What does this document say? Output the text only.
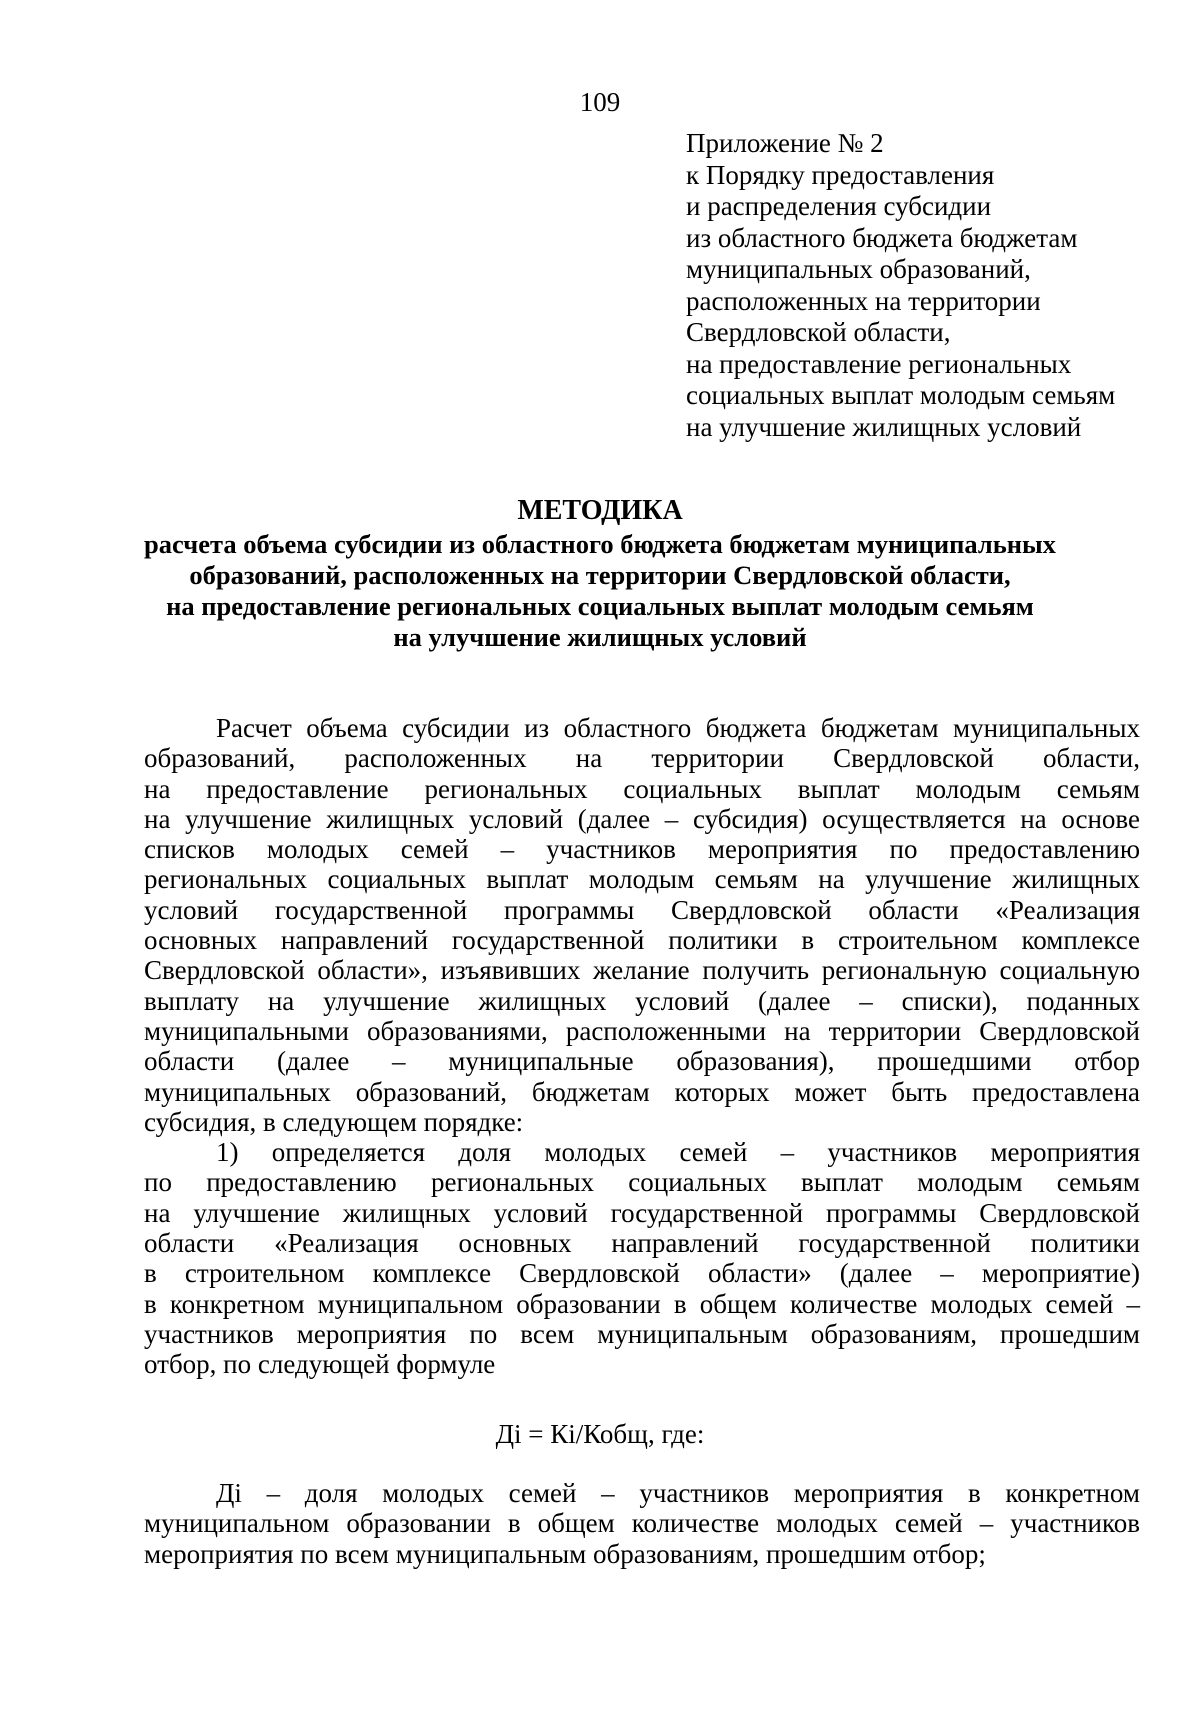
109
Приложение № 2
к Порядку предоставления
и распределения субсидии
из областного бюджета бюджетам
муниципальных образований,
расположенных на территории
Свердловской области,
на предоставление региональных
социальных выплат молодым семьям
на улучшение жилищных условий
МЕТОДИКА
расчета объема субсидии из областного бюджета бюджетам муниципальных
образований, расположенных на территории Свердловской области,
на предоставление региональных социальных выплат молодым семьям
на улучшение жилищных условий
Расчет объема субсидии из областного бюджета бюджетам муниципальных
образований, расположенных на территории Свердловской области,
на предоставление региональных социальных выплат молодым семьям
на улучшение жилищных условий (далее – субсидия) осуществляется на основе
списков молодых семей – участников мероприятия по предоставлению
региональных социальных выплат молодым семьям на улучшение жилищных
условий государственной программы Свердловской области «Реализация
основных направлений государственной политики в строительном комплексе
Свердловской области», изъявивших желание получить региональную социальную
выплату на улучшение жилищных условий (далее – списки), поданных
муниципальными образованиями, расположенными на территории Свердловской
области (далее – муниципальные образования), прошедшими отбор
муниципальных образований, бюджетам которых может быть предоставлена
субсидия, в следующем порядке:
1) определяется доля молодых семей – участников мероприятия
по предоставлению региональных социальных выплат молодым семьям
на улучшение жилищных условий государственной программы Свердловской
области «Реализация основных направлений государственной политики
в строительном комплексе Свердловской области» (далее – мероприятие)
в конкретном муниципальном образовании в общем количестве молодых семей –
участников мероприятия по всем муниципальным образованиям, прошедшим
отбор, по следующей формуле
Дi = Кi/Кобщ, где:
Дi – доля молодых семей – участников мероприятия в конкретном
муниципальном образовании в общем количестве молодых семей – участников
мероприятия по всем муниципальным образованиям, прошедшим отбор;
